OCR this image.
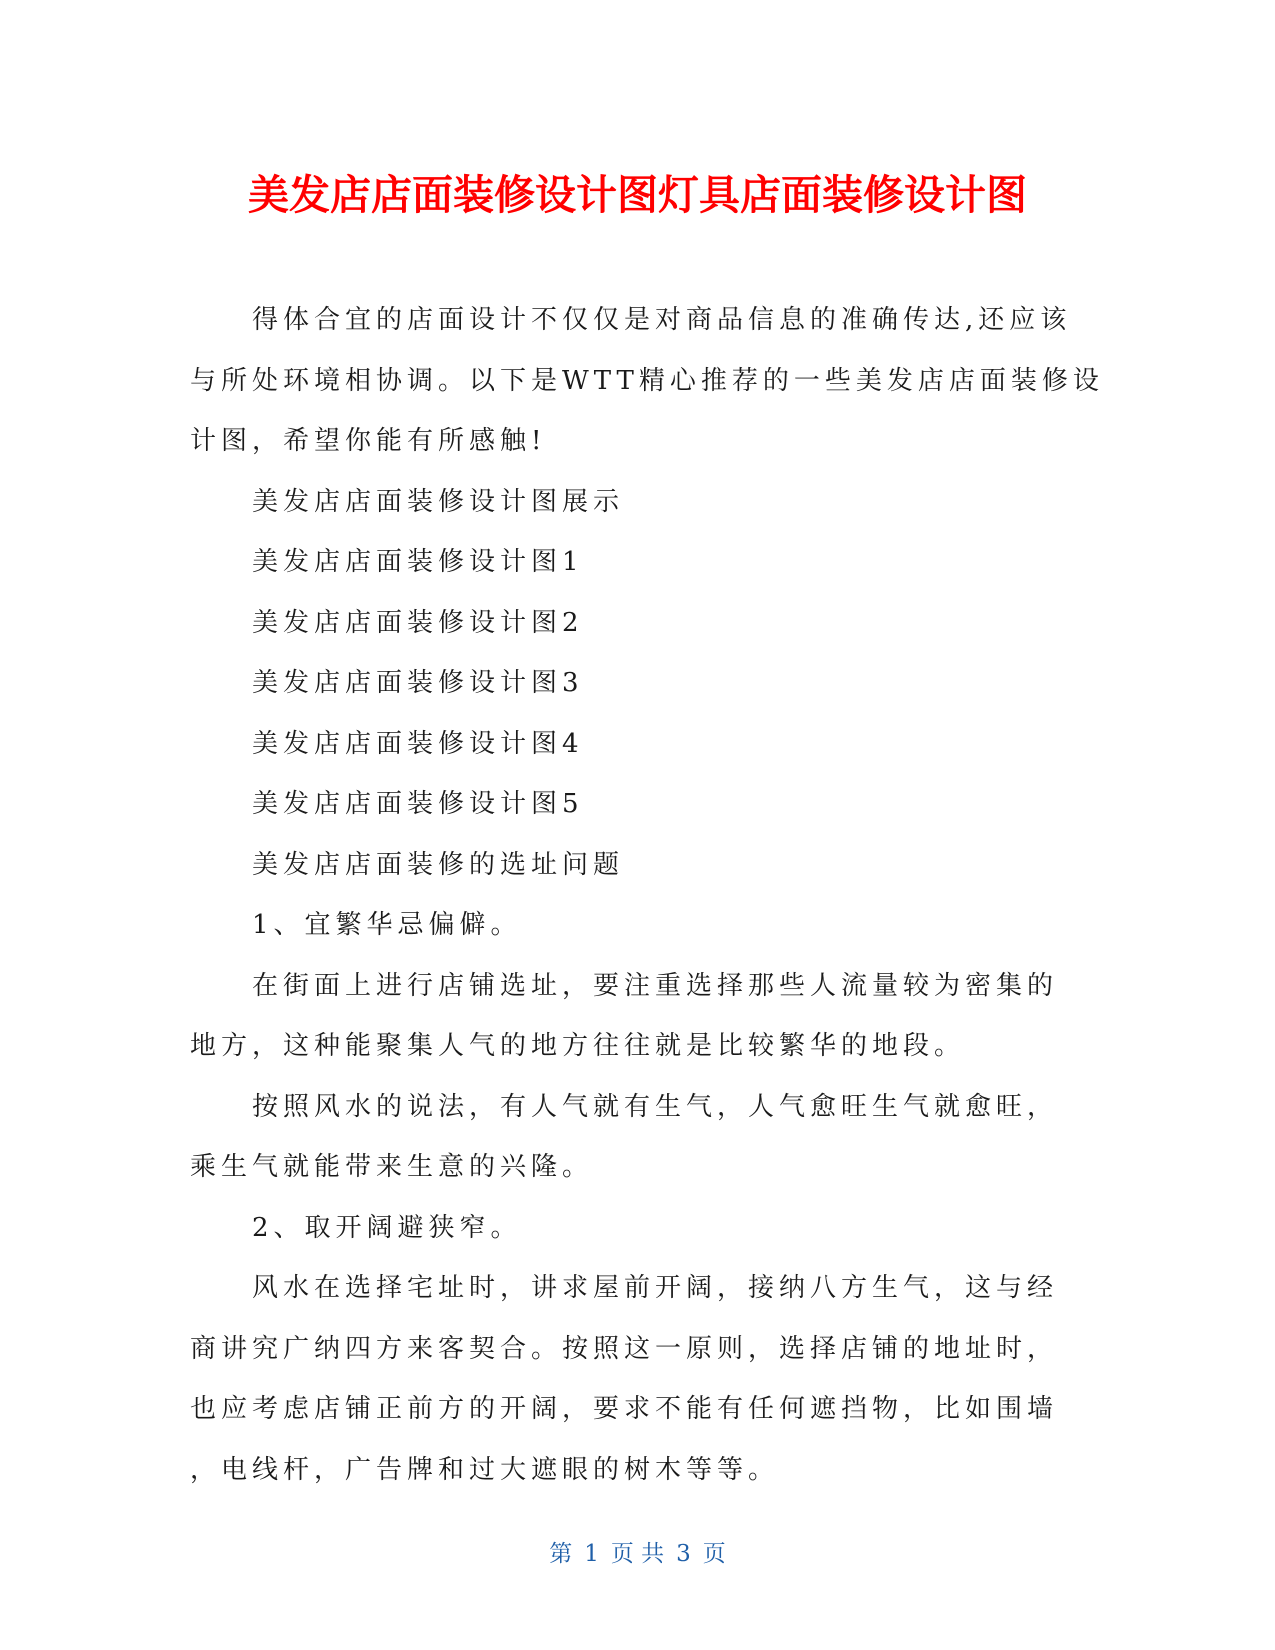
美发店店面装修设计图灯具店面装修设计图

得体合宜的店面设计不仅仅是对商品信息的准确传达,还应该
与所处环境相协调。以下是WTT精心推荐的一些美发店店面装修设
计图，希望你能有所感触!

美发店店面装修设计图展示

美发店店面装修设计图1

美发店店面装修设计图2

美发店店面装修设计图3

美发店店面装修设计图4

美发店店面装修设计图5

美发店店面装修的选址问题

1、宜繁华忌偏僻。

在街面上进行店铺选址，要注重选择那些人流量较为密集的
地方，这种能聚集人气的地方往往就是比较繁华的地段。

按照风水的说法，有人气就有生气，人气愈旺生气就愈旺，
乘生气就能带来生意的兴隆。

2、取开阔避狭窄。

风水在选择宅址时，讲求屋前开阔，接纳八方生气，这与经
商讲究广纳四方来客契合。按照这一原则，选择店铺的地址时，
也应考虑店铺正前方的开阔，要求不能有任何遮挡物，比如围墙
，电线杆，广告牌和过大遮眼的树木等等。

第 1 页 共 3 页
